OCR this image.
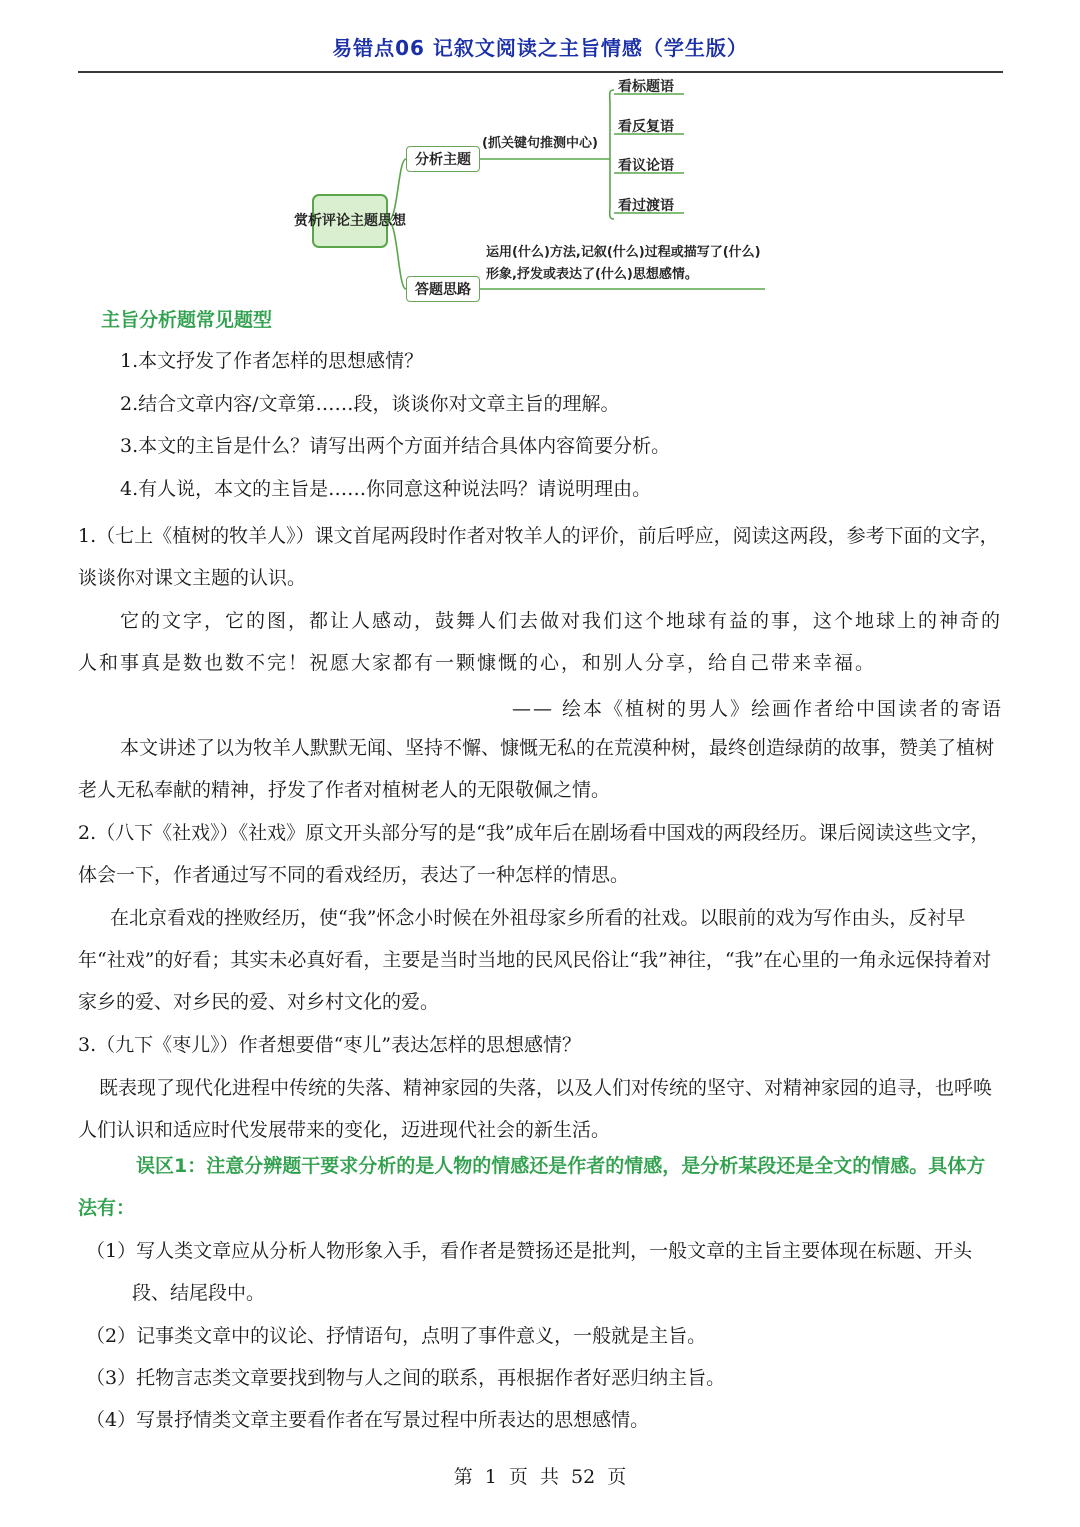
易错点06 记叙文阅读之主旨情感（学生版）
赏析评论主题思想
分析主题
(抓关键句推测中心)
看标题语
看反复语
看议论语
看过渡语
答题思路
运用(什么)方法,记叙(什么)过程或描写了(什么)形象,抒发或表达了(什么)思想感情。
主旨分析题常见题型
1.本文抒发了作者怎样的思想感情？
2.结合文章内容/文章第……段，谈谈你对文章主旨的理解。
3.本文的主旨是什么？请写出两个方面并结合具体内容简要分析。
4.有人说，本文的主旨是……你同意这种说法吗？请说明理由。
1.（七上《植树的牧羊人》）课文首尾两段时作者对牧羊人的评价，前后呼应，阅读这两段，参考下面的文字，谈谈你对课文主题的认识。
它的文字，它的图，都让人感动，鼓舞人们去做对我们这个地球有益的事，这个地球上的神奇的人和事真是数也数不完！祝愿大家都有一颗慷慨的心，和别人分享，给自己带来幸福。
—— 绘本《植树的男人》绘画作者给中国读者的寄语
本文讲述了以为牧羊人默默无闻、坚持不懈、慷慨无私的在荒漠种树，最终创造绿荫的故事，赞美了植树老人无私奉献的精神，抒发了作者对植树老人的无限敬佩之情。
2.（八下《社戏》）《社戏》原文开头部分写的是“我”成年后在剧场看中国戏的两段经历。课后阅读这些文字，体会一下，作者通过写不同的看戏经历，表达了一种怎样的情思。
在北京看戏的挫败经历，使“我”怀念小时候在外祖母家乡所看的社戏。以眼前的戏为写作由头，反衬早年“社戏”的好看；其实未必真好看，主要是当时当地的民风民俗让“我”神往，“我”在心里的一角永远保持着对家乡的爱、对乡民的爱、对乡村文化的爱。
3.（九下《枣儿》）作者想要借“枣儿”表达怎样的思想感情？
既表现了现代化进程中传统的失落、精神家园的失落，以及人们对传统的坚守、对精神家园的追寻，也呼唤人们认识和适应时代发展带来的变化，迈进现代社会的新生活。
误区1：注意分辨题干要求分析的是人物的情感还是作者的情感，是分析某段还是全文的情感。具体方法有：
（1）写人类文章应从分析人物形象入手，看作者是赞扬还是批判，一般文章的主旨主要体现在标题、开头段、结尾段中。
（2）记事类文章中的议论、抒情语句，点明了事件意义，一般就是主旨。
（3）托物言志类文章要找到物与人之间的联系，再根据作者好恶归纳主旨。
（4）写景抒情类文章主要看作者在写景过程中所表达的思想感情。
第 1 页 共 52 页
